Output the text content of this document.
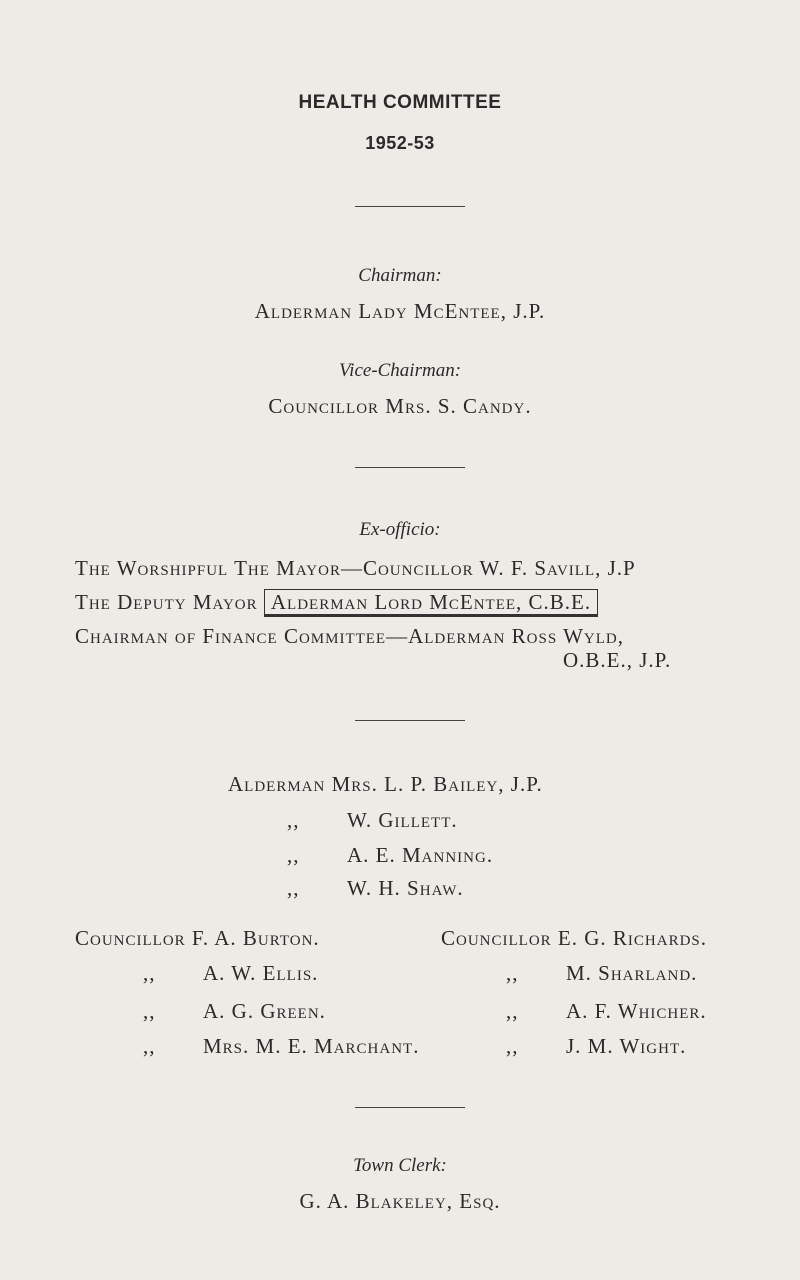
HEALTH COMMITTEE
1952-53
Chairman:
Alderman Lady McEntee, J.P.
Vice-Chairman:
Councillor Mrs. S. Candy.
Ex-officio:
The Worshipful The Mayor—Councillor W. F. Savill, J.P
The Deputy Mayor Alderman Lord McEntee, C.B.E.
Chairman of Finance Committee—Alderman Ross Wyld,
O.B.E., J.P.
Alderman Mrs. L. P. Bailey, J.P.
,, W. Gillett.
,, A. E. Manning.
,, W. H. Shaw.
Councillor F. A. Burton.
,, A. W. Ellis.
,, A. G. Green.
,, Mrs. M. E. Marchant.
Councillor E. G. Richards.
,, M. Sharland.
,, A. F. Whicher.
,, J. M. Wight.
Town Clerk:
G. A. Blakeley, Esq.
